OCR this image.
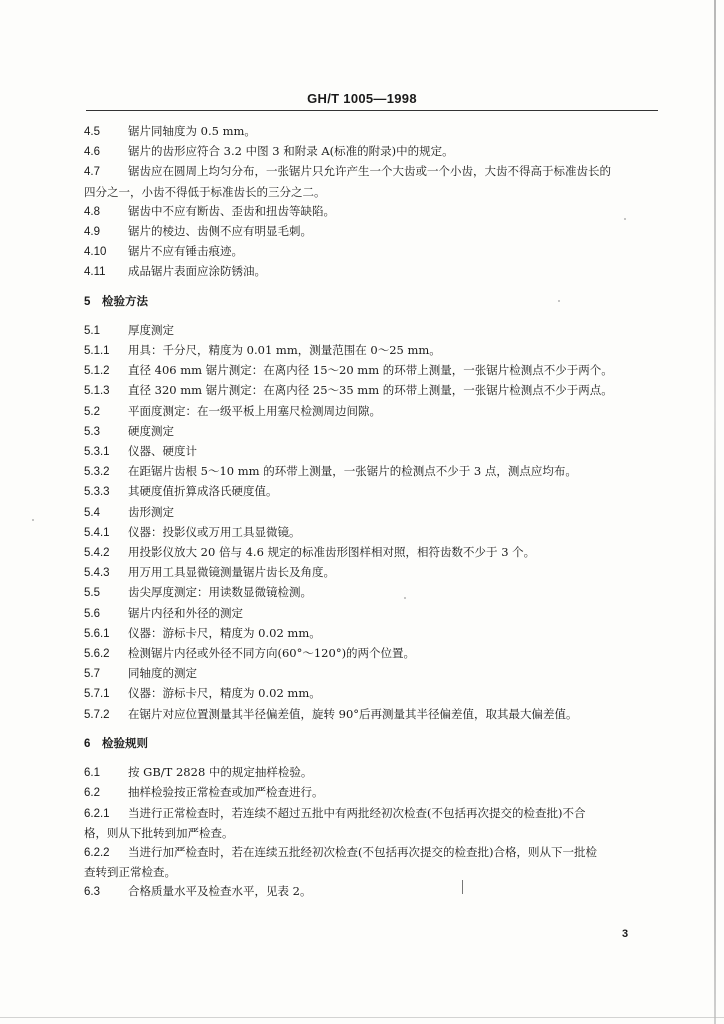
GH/T 1005—1998
4.5 锯片同轴度为 0.5 mm。
4.6 锯片的齿形应符合 3.2 中图 3 和附录 A(标准的附录)中的规定。
4.7 锯齿应在圆周上均匀分布，一张锯片只允许产生一个大齿或一个小齿，大齿不得高于标准齿长的
四分之一，小齿不得低于标准齿长的三分之二。
4.8 锯齿中不应有断齿、歪齿和扭齿等缺陷。
4.9 锯片的棱边、齿侧不应有明显毛刺。
4.10 锯片不应有锤击痕迹。
4.11 成品锯片表面应涂防锈油。
5 检验方法
5.1 厚度测定
5.1.1 用具：千分尺，精度为 0.01 mm，测量范围在 0～25 mm。
5.1.2 直径 406 mm 锯片测定：在离内径 15～20 mm 的环带上测量，一张锯片检测点不少于两个。
5.1.3 直径 320 mm 锯片测定：在离内径 25～35 mm 的环带上测量，一张锯片检测点不少于两点。
5.2 平面度测定：在一级平板上用塞尺检测周边间隙。
5.3 硬度测定
5.3.1 仪器、硬度计
5.3.2 在距锯片齿根 5～10 mm 的环带上测量，一张锯片的检测点不少于 3 点，测点应均布。
5.3.3 其硬度值折算成洛氏硬度值。
5.4 齿形测定
5.4.1 仪器：投影仪或万用工具显微镜。
5.4.2 用投影仪放大 20 倍与 4.6 规定的标准齿形图样相对照，相符齿数不少于 3 个。
5.4.3 用万用工具显微镜测量锯片齿长及角度。
5.5 齿尖厚度测定：用读数显微镜检测。
5.6 锯片内径和外径的测定
5.6.1 仪器：游标卡尺，精度为 0.02 mm。
5.6.2 检测锯片内径或外径不同方向(60°～120°)的两个位置。
5.7 同轴度的测定
5.7.1 仪器：游标卡尺，精度为 0.02 mm。
5.7.2 在锯片对应位置测量其半径偏差值，旋转 90°后再测量其半径偏差值，取其最大偏差值。
6 检验规则
6.1 按 GB/T 2828 中的规定抽样检验。
6.2 抽样检验按正常检查或加严检查进行。
6.2.1 当进行正常检查时，若连续不超过五批中有两批经初次检查(不包括再次提交的检查批)不合
格，则从下批转到加严检查。
6.2.2 当进行加严检查时，若在连续五批经初次检查(不包括再次提交的检查批)合格，则从下一批检
查转到正常检查。
6.3 合格质量水平及检查水平，见表 2。
3
